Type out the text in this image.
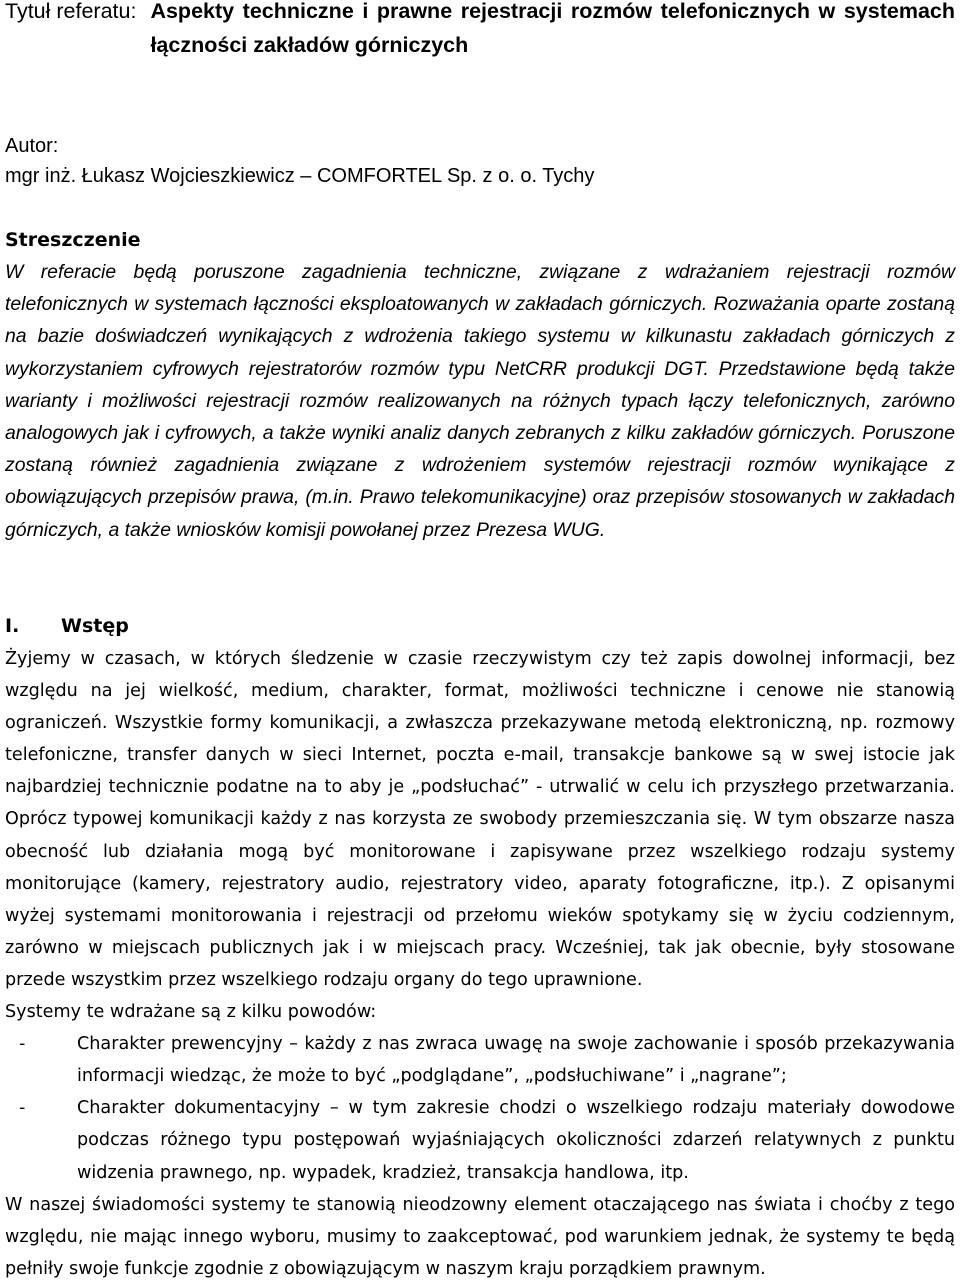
Tytuł referatu: Aspekty techniczne i prawne rejestracji rozmów telefonicznych w systemach łączności zakładów górniczych
Autor:
mgr inż. Łukasz Wojcieszkiewicz – COMFORTEL Sp. z o. o. Tychy
Streszczenie
W referacie będą poruszone zagadnienia techniczne, związane z wdrażaniem rejestracji rozmów telefonicznych w systemach łączności eksploatowanych w zakładach górniczych. Rozważania oparte zostaną na bazie doświadczeń wynikających z wdrożenia takiego systemu w kilkunastu zakładach górniczych z wykorzystaniem cyfrowych rejestratorów rozmów typu NetCRR produkcji DGT. Przedstawione będą także warianty i możliwości rejestracji rozmów realizowanych na różnych typach łączy telefonicznych, zarówno analogowych jak i cyfrowych, a także wyniki analiz danych zebranych z kilku zakładów górniczych. Poruszone zostaną również zagadnienia związane z wdrożeniem systemów rejestracji rozmów wynikające z obowiązujących przepisów prawa, (m.in. Prawo telekomunikacyjne) oraz przepisów stosowanych w zakładach górniczych, a także wniosków komisji powołanej przez Prezesa WUG.
I.	Wstęp

Żyjemy w czasach, w których śledzenie w czasie rzeczywistym czy też zapis dowolnej informacji, bez względu na jej wielkość, medium, charakter, format, możliwości techniczne i cenowe nie stanowią ograniczeń. Wszystkie formy komunikacji, a zwłaszcza przekazywane metodą elektroniczną, np. rozmowy telefoniczne, transfer danych w sieci Internet, poczta e-mail, transakcje bankowe są w swej istocie jak najbardziej technicznie podatne na to aby je „podsłuchać” - utrwalić w celu ich przyszłego przetwarzania. Oprócz typowej komunikacji każdy z nas korzysta ze swobody przemieszczania się. W tym obszarze nasza obecność lub działania mogą być monitorowane i zapisywane przez wszelkiego rodzaju systemy monitorujące (kamery, rejestratory audio, rejestratory video, aparaty fotograficzne, itp.). Z opisanymi wyżej systemami monitorowania i rejestracji od przełomu wieków spotykamy się w życiu codziennym, zarówno w miejscach publicznych jak i w miejscach pracy. Wcześniej, tak jak obecnie, były stosowane przede wszystkim przez wszelkiego rodzaju organy do tego uprawnione.

Systemy te wdrażane są z kilku powodów:

-	Charakter prewencyjny – każdy z nas zwraca uwagę na swoje zachowanie i sposób przekazywania informacji wiedząc, że może to być „podglądane”, „podsłuchiwane” i „nagrane”;
-	Charakter dokumentacyjny – w tym zakresie chodzi o wszelkiego rodzaju materiały dowodowe podczas różnego typu postępowań wyjaśniających okoliczności zdarzeń relatywnych z punktu widzenia prawnego, np. wypadek, kradzież, transakcja handlowa, itp.

W naszej świadomości systemy te stanowią nieodzowny element otaczającego nas świata i choćby z tego względu, nie mając innego wyboru, musimy to zaakceptować, pod warunkiem jednak, że systemy te będą pełniły swoje funkcje zgodnie z obowiązującym w naszym kraju porządkiem prawnym.
